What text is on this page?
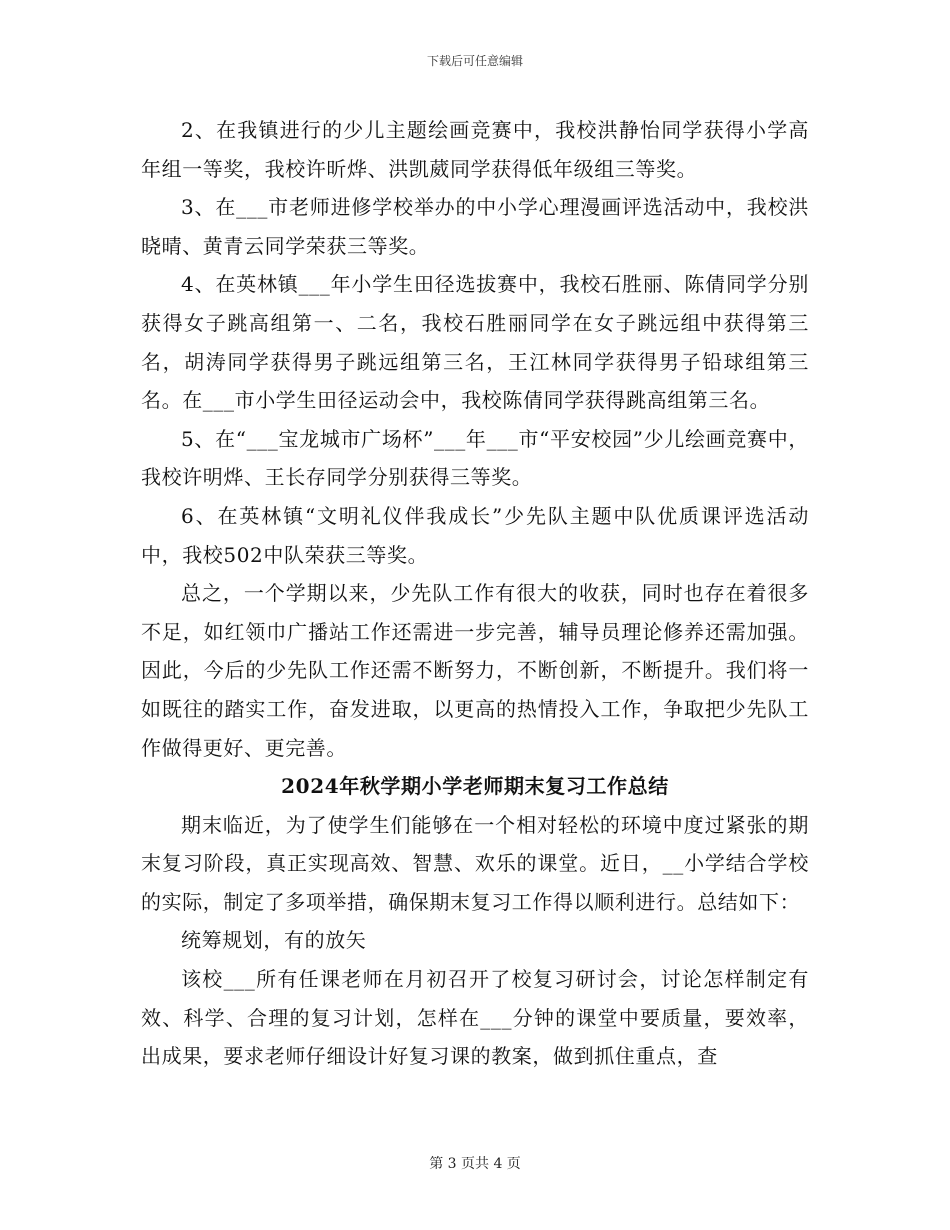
下载后可任意编辑

2、在我镇进行的少儿主题绘画竞赛中，我校洪静怡同学获得小学高年组一等奖，我校许昕烨、洪凯葳同学获得低年级组三等奖。

3、在___市老师进修学校举办的中小学心理漫画评选活动中，我校洪晓晴、黄青云同学荣获三等奖。

4、在英林镇___年小学生田径选拔赛中，我校石胜丽、陈倩同学分别获得女子跳高组第一、二名，我校石胜丽同学在女子跳远组中获得第三名，胡涛同学获得男子跳远组第三名，王江林同学获得男子铅球组第三名。在___市小学生田径运动会中，我校陈倩同学获得跳高组第三名。

5、在“___宝龙城市广场杯”___年___市“平安校园”少儿绘画竞赛中，我校许明烨、王长存同学分别获得三等奖。

6、在英林镇“文明礼仪伴我成长”少先队主题中队优质课评选活动中，我校502中队荣获三等奖。

总之，一个学期以来，少先队工作有很大的收获，同时也存在着很多不足，如红领巾广播站工作还需进一步完善，辅导员理论修养还需加强。因此，今后的少先队工作还需不断努力，不断创新，不断提升。我们将一如既往的踏实工作，奋发进取，以更高的热情投入工作，争取把少先队工作做得更好、更完善。

2024年秋学期小学老师期末复习工作总结

期末临近，为了使学生们能够在一个相对轻松的环境中度过紧张的期末复习阶段，真正实现高效、智慧、欢乐的课堂。近日，__小学结合学校的实际，制定了多项举措，确保期末复习工作得以顺利进行。总结如下：

统筹规划，有的放矢

该校___所有任课老师在月初召开了校复习研讨会，讨论怎样制定有效、科学、合理的复习计划，怎样在___分钟的课堂中要质量，要效率，出成果，要求老师仔细设计好复习课的教案，做到抓住重点，查

第 3 页共 4 页
